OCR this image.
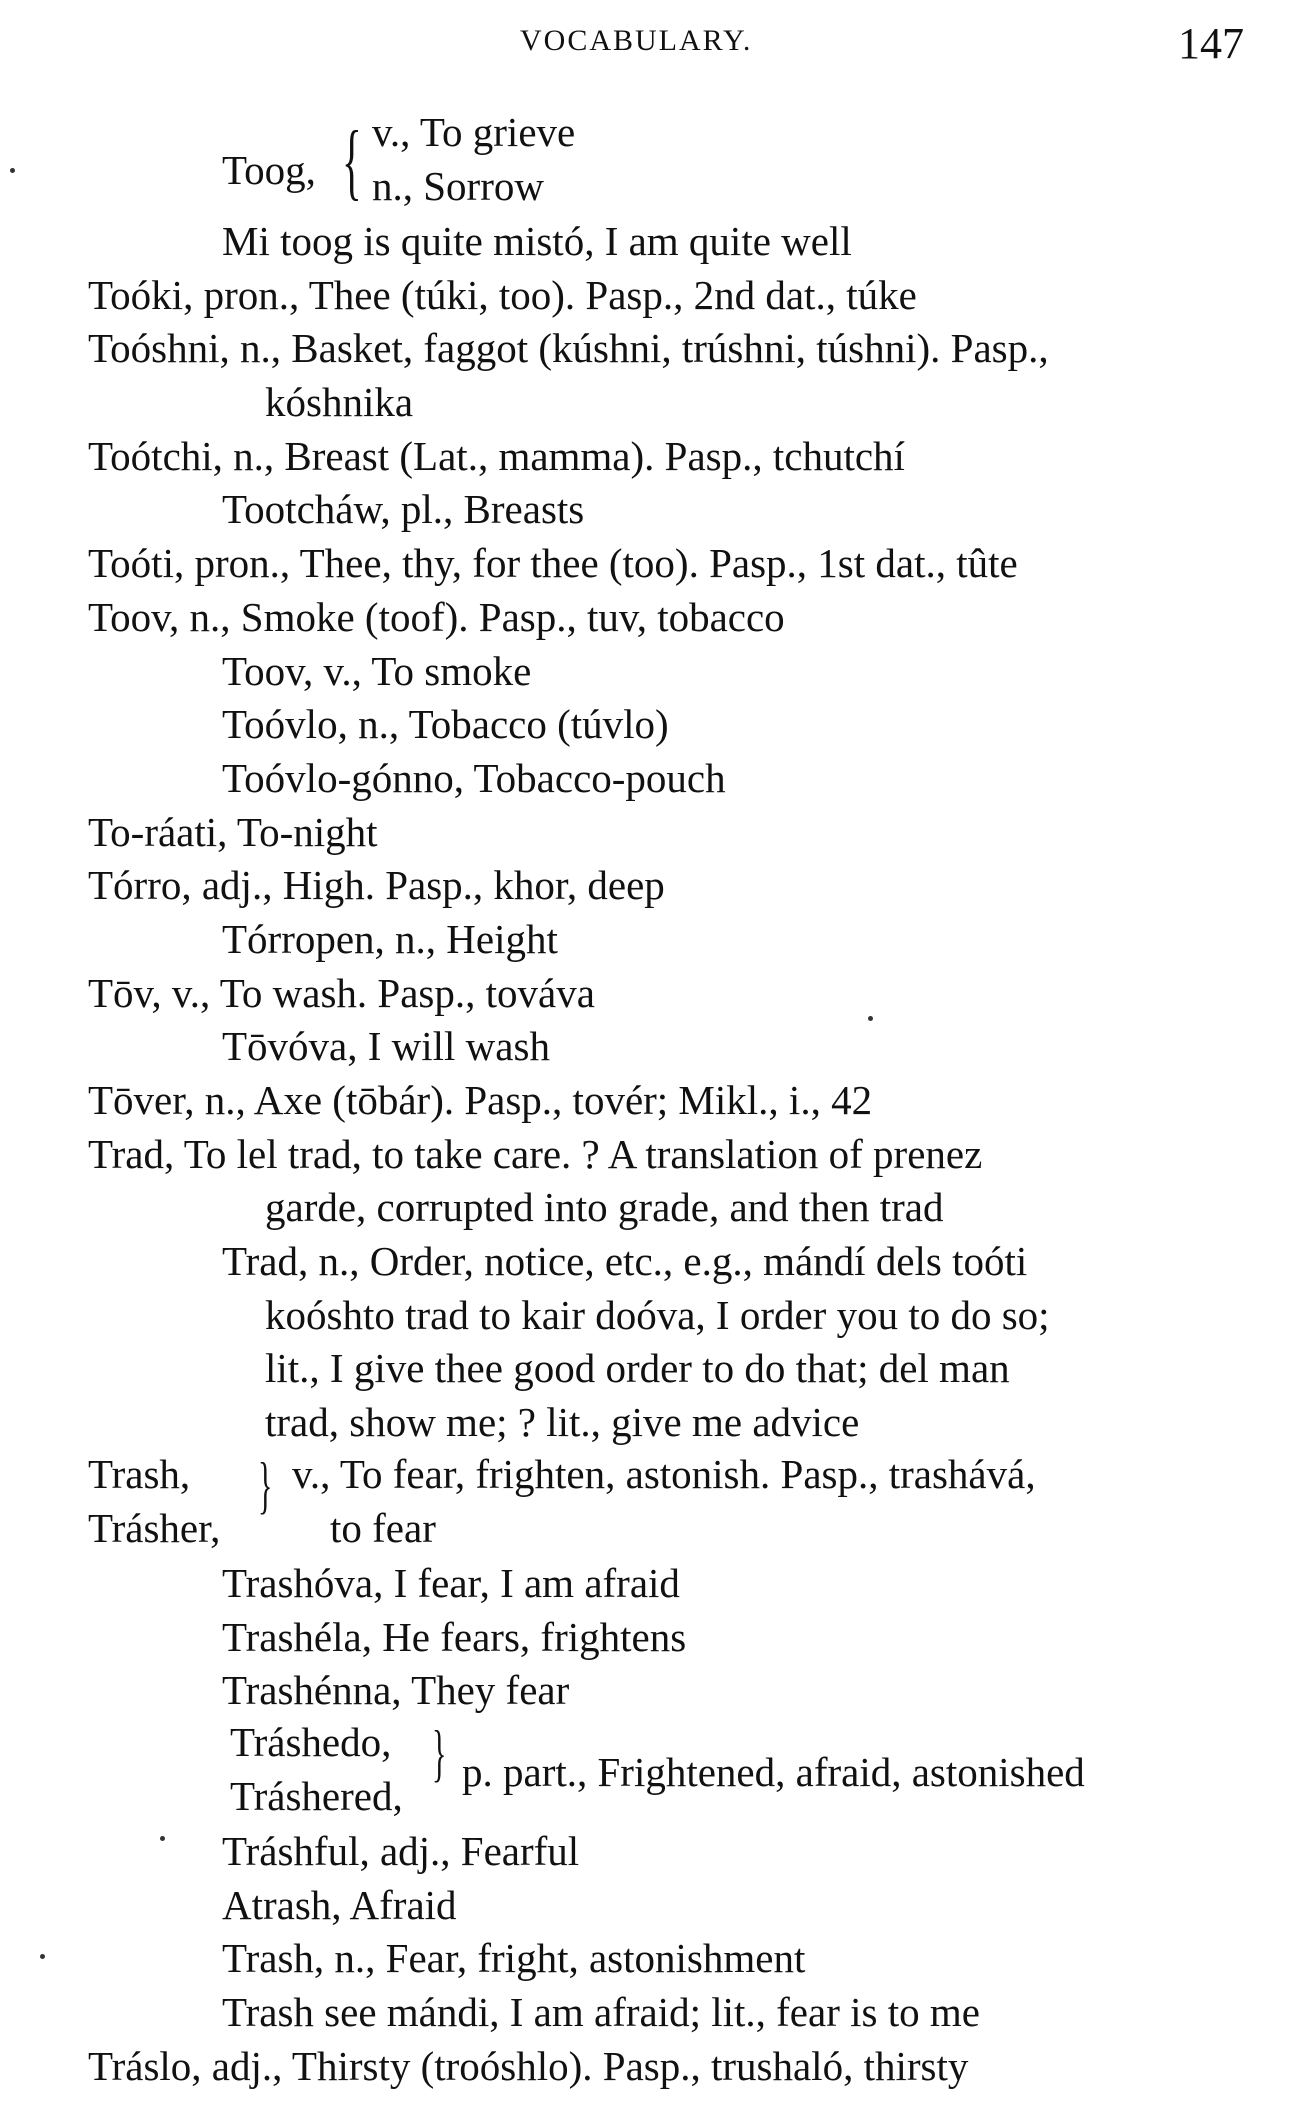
VOCABULARY.	147
Toog, { v., To grieve
n., Sorrow
Mi toog is quite mistó, I am quite well
Toóki, pron., Thee (túki, too). Pasp., 2nd dat., túke
Toóshni, n., Basket, faggot (kúshni, trúshni, túshni). Pasp.,
kóshnika
Toótchi, n., Breast (Lat., mamma). Pasp., tchutchí
Tootcháw, pl., Breasts
Toóti, pron., Thee, thy, for thee (too). Pasp., 1st dat., tûte
Toov, n., Smoke (toof). Pasp., tuv, tobacco
Toov, v., To smoke
Toóvlo, n., Tobacco (túvlo)
Toóvlo-gónno, Tobacco-pouch
To-ráati, To-night
Tórro, adj., High. Pasp., khor, deep
Tórropen, n., Height
Tōv, v., To wash. Pasp., továva
Tōvóva, I will wash
Tōver, n., Axe (tōbár). Pasp., tovér; Mikl., i., 42
Trad, To lel trad, to take care. ? A translation of prenez
garde, corrupted into grade, and then trad
Trad, n., Order, notice, etc., e.g., mándí dels toóti
koóshto trad to kair doóva, I order you to do so;
lit., I give thee good order to do that; del man
trad, show me; ? lit., give me advice
Trash,
Trásher,
} v., To fear, frighten, astonish. Pasp., trashává,
to fear
Trashóva, I fear, I am afraid
Trashéla, He fears, frightens
Trashénna, They fear
Tráshedo,
Tráshered,
} p. part., Frightened, afraid, astonished
Tráshful, adj., Fearful
Atrash, Afraid
Trash, n., Fear, fright, astonishment
Trash see mándi, I am afraid; lit., fear is to me
Tráslo, adj., Thirsty (troóshlo). Pasp., trushaló, thirsty
